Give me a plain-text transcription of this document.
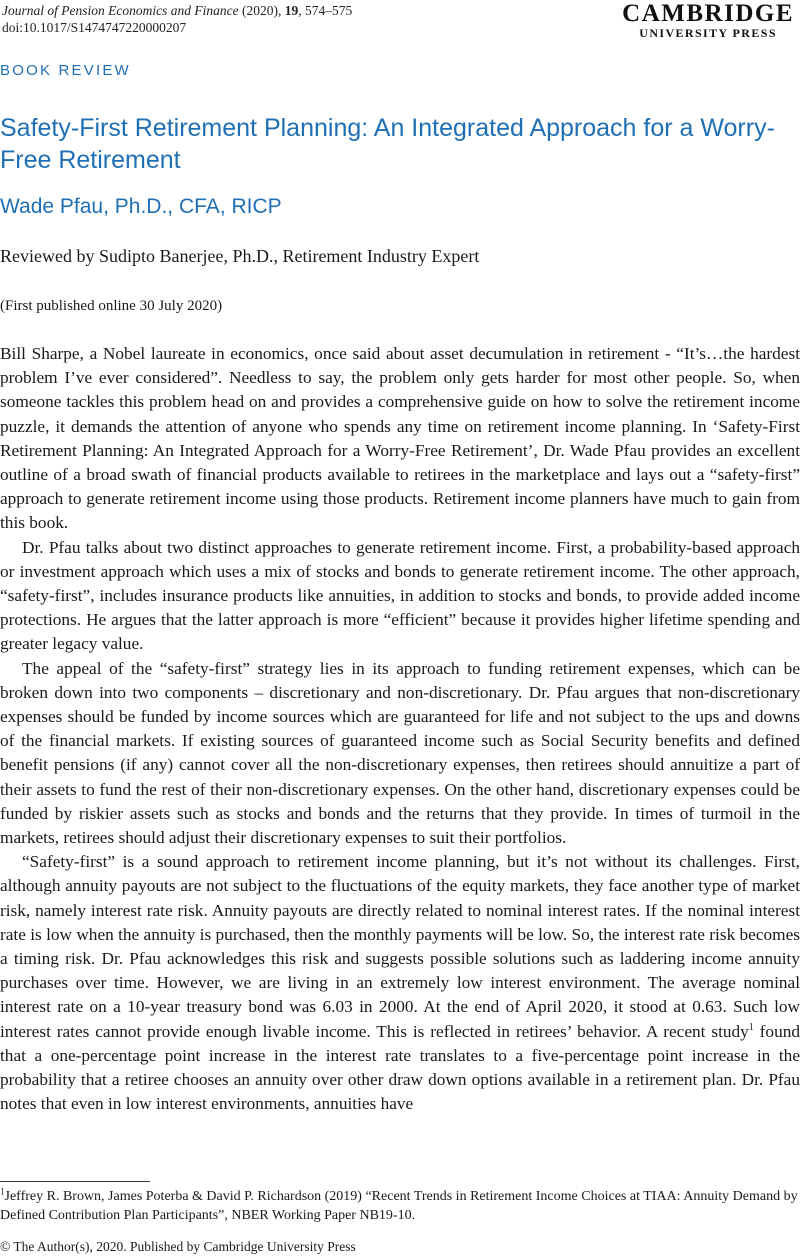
Journal of Pension Economics and Finance (2020), 19, 574–575
doi:10.1017/S1474747220000207
CAMBRIDGE
UNIVERSITY PRESS
BOOK REVIEW
Safety-First Retirement Planning: An Integrated Approach for a Worry-Free Retirement
Wade Pfau, Ph.D., CFA, RICP
Reviewed by Sudipto Banerjee, Ph.D., Retirement Industry Expert
(First published online 30 July 2020)

Bill Sharpe, a Nobel laureate in economics, once said about asset decumulation in retirement - “It’s…the hardest problem I’ve ever considered”. Needless to say, the problem only gets harder for most other people. So, when someone tackles this problem head on and provides a comprehensive guide on how to solve the retirement income puzzle, it demands the attention of anyone who spends any time on retirement income planning. In ‘Safety-First Retirement Planning: An Integrated Approach for a Worry-Free Retirement’, Dr. Wade Pfau provides an excellent outline of a broad swath of financial products available to retirees in the marketplace and lays out a “safety-first” approach to generate retirement income using those products. Retirement income planners have much to gain from this book.

Dr. Pfau talks about two distinct approaches to generate retirement income. First, a probability-based approach or investment approach which uses a mix of stocks and bonds to generate retirement income. The other approach, “safety-first”, includes insurance products like annuities, in addition to stocks and bonds, to provide added income protections. He argues that the latter approach is more “efficient” because it provides higher lifetime spending and greater legacy value.

The appeal of the “safety-first” strategy lies in its approach to funding retirement expenses, which can be broken down into two components – discretionary and non-discretionary. Dr. Pfau argues that non-discretionary expenses should be funded by income sources which are guaranteed for life and not subject to the ups and downs of the financial markets. If existing sources of guaranteed income such as Social Security benefits and defined benefit pensions (if any) cannot cover all the non-discretionary expenses, then retirees should annuitize a part of their assets to fund the rest of their non-discretionary expenses. On the other hand, discretionary expenses could be funded by riskier assets such as stocks and bonds and the returns that they provide. In times of turmoil in the markets, retirees should adjust their discretionary expenses to suit their portfolios.

“Safety-first” is a sound approach to retirement income planning, but it’s not without its challenges. First, although annuity payouts are not subject to the fluctuations of the equity markets, they face another type of market risk, namely interest rate risk. Annuity payouts are directly related to nominal interest rates. If the nominal interest rate is low when the annuity is purchased, then the monthly payments will be low. So, the interest rate risk becomes a timing risk. Dr. Pfau acknowledges this risk and suggests possible solutions such as laddering income annuity purchases over time. However, we are living in an extremely low interest environment. The average nominal interest rate on a 10-year treasury bond was 6.03 in 2000. At the end of April 2020, it stood at 0.63. Such low interest rates cannot provide enough livable income. This is reflected in retirees’ behavior. A recent study$^1$ found that a one-percentage point increase in the interest rate translates to a five-percentage point increase in the probability that a retiree chooses an annuity over other draw down options available in a retirement plan. Dr. Pfau notes that even in low interest environments, annuities have

$^1$Jeffrey R. Brown, James Poterba & David P. Richardson (2019) “Recent Trends in Retirement Income Choices at TIAA: Annuity Demand by Defined Contribution Plan Participants”, NBER Working Paper NB19-10.
© The Author(s), 2020. Published by Cambridge University Press
